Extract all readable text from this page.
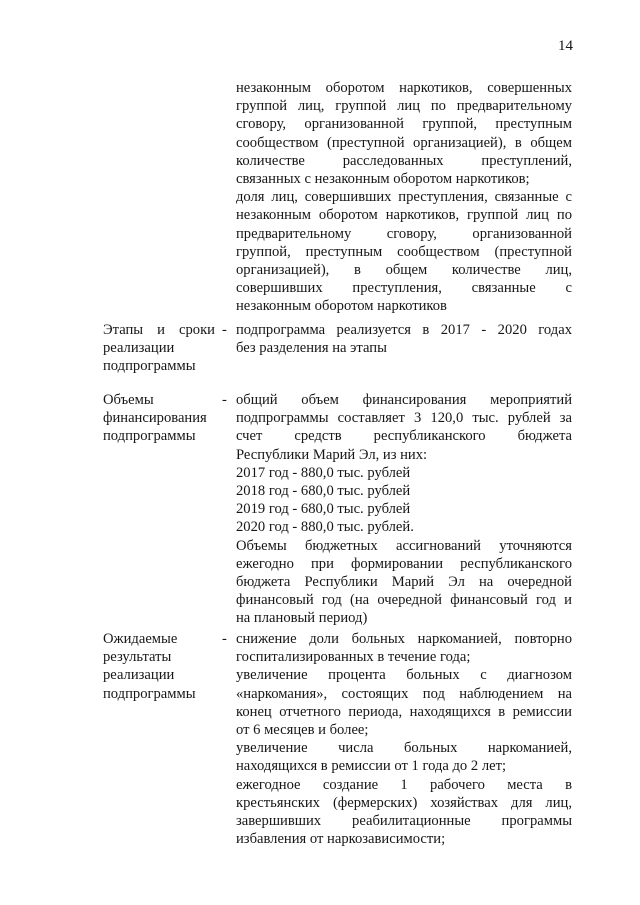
14
незаконным оборотом наркотиков, совершенных
группой лиц, группой лиц по предварительному
сговору, организованной группой, преступным
сообществом (преступной организацией), в общем
количестве расследованных преступлений,
связанных с незаконным оборотом наркотиков;
доля лиц, совершивших преступления, связанные с
незаконным оборотом наркотиков, группой лиц по
предварительному сговору, организованной
группой, преступным сообществом (преступной
организацией), в общем количестве лиц,
совершивших преступления, связанные с
незаконным оборотом наркотиков
Этапы и сроки
реализации
подпрограммы
- подпрограмма реализуется в 2017 - 2020 годах
без разделения на этапы
Объемы
финансирования
подпрограммы
- общий объем финансирования мероприятий
подпрограммы составляет 3 120,0 тыс. рублей за
счет средств республиканского бюджета
Республики Марий Эл, из них:
2017 год - 880,0 тыс. рублей
2018 год - 680,0 тыс. рублей
2019 год - 680,0 тыс. рублей
2020 год - 880,0 тыс. рублей.
Объемы бюджетных ассигнований уточняются
ежегодно при формировании республиканского
бюджета Республики Марий Эл на очередной
финансовый год (на очередной финансовый год и
на плановый период)
Ожидаемые
результаты
реализации
подпрограммы
- снижение доли больных наркоманией, повторно
госпитализированных в течение года;
увеличение процента больных с диагнозом
«наркомания», состоящих под наблюдением на
конец отчетного периода, находящихся в ремиссии
от 6 месяцев и более;
увеличение числа больных наркоманией,
находящихся в ремиссии от 1 года до 2 лет;
ежегодное создание 1 рабочего места в
крестьянских (фермерских) хозяйствах для лиц,
завершивших реабилитационные программы
избавления от наркозависимости;
